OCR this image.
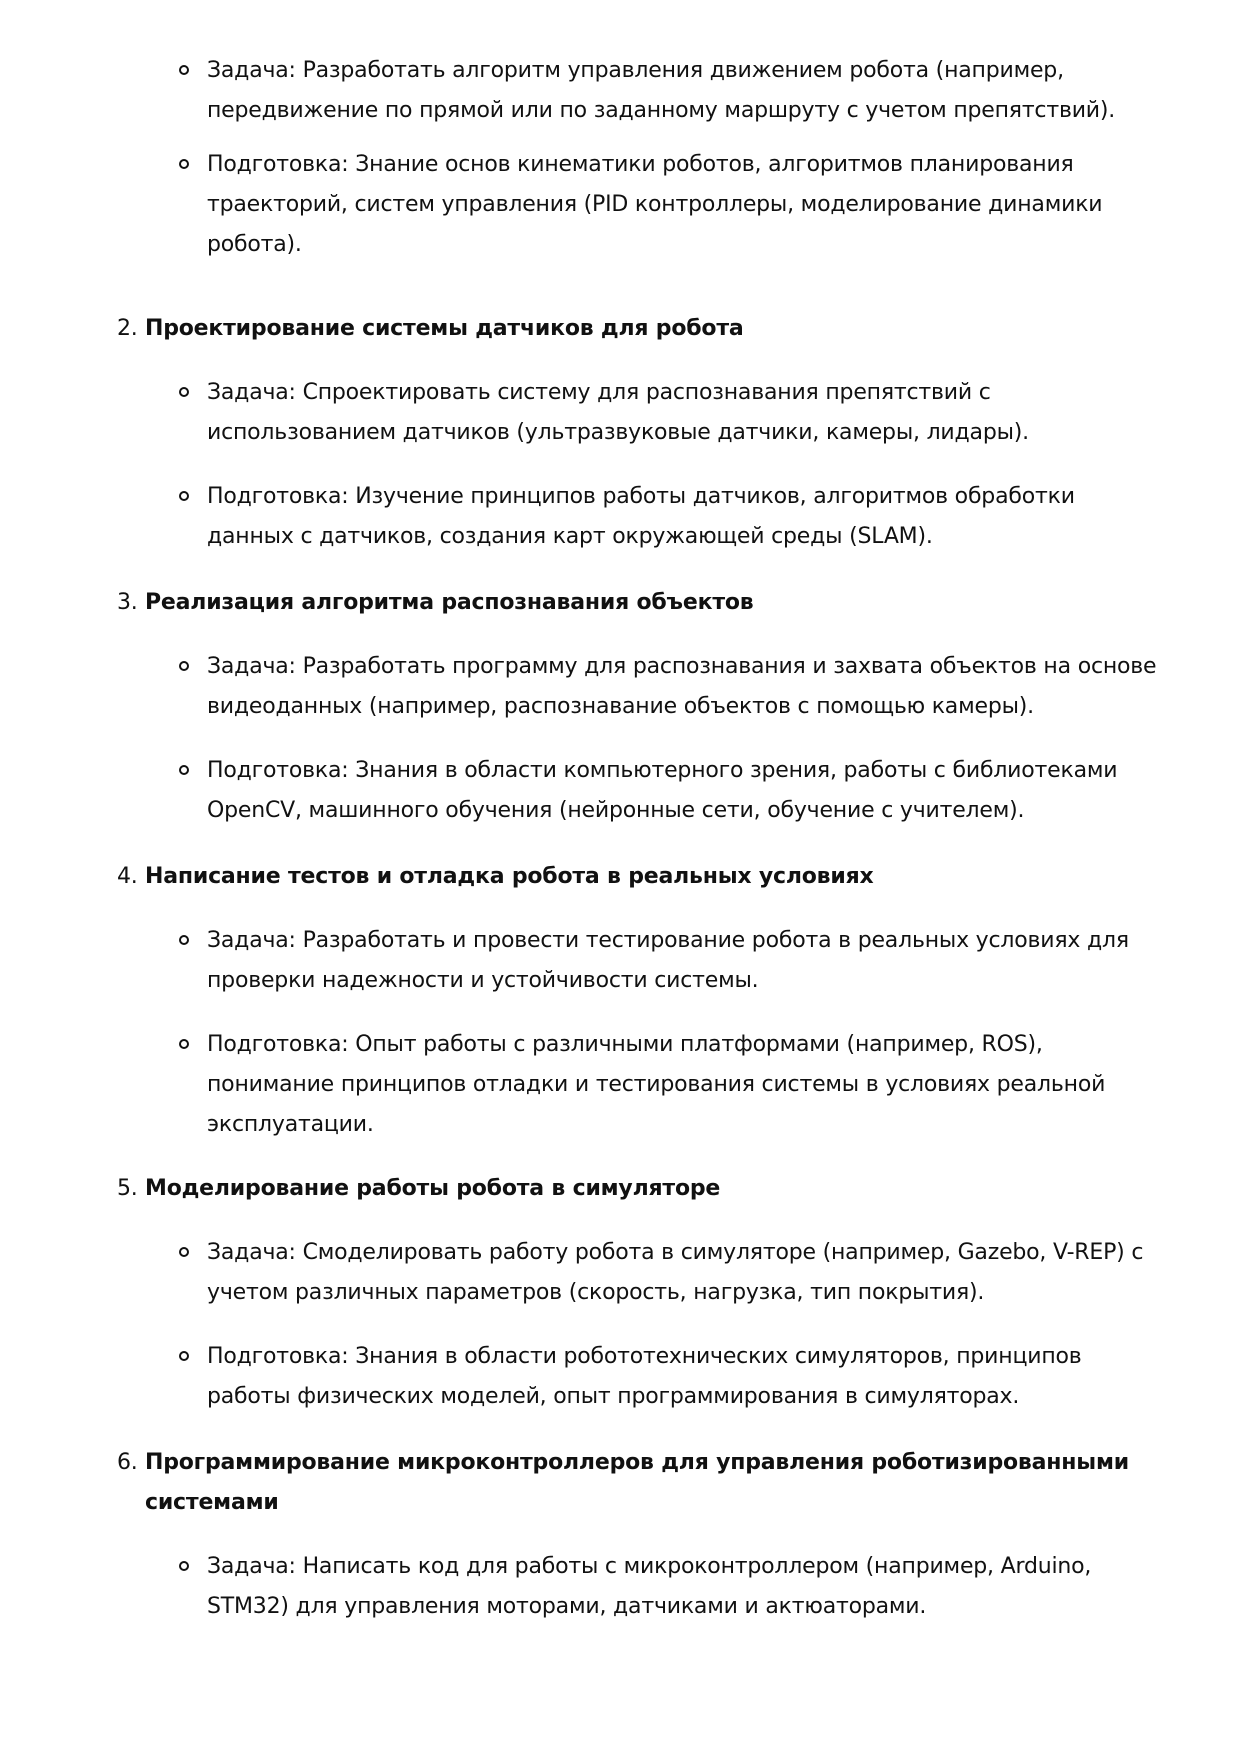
Задача: Разработать алгоритм управления движением робота (например,
передвижение по прямой или по заданному маршруту с учетом препятствий).
Подготовка: Знание основ кинематики роботов, алгоритмов планирования
траекторий, систем управления (PID контроллеры, моделирование динамики
робота).
2. Проектирование системы датчиков для робота
Задача: Спроектировать систему для распознавания препятствий с
использованием датчиков (ультразвуковые датчики, камеры, лидары).
Подготовка: Изучение принципов работы датчиков, алгоритмов обработки
данных с датчиков, создания карт окружающей среды (SLAM).
3. Реализация алгоритма распознавания объектов
Задача: Разработать программу для распознавания и захвата объектов на основе
видеоданных (например, распознавание объектов с помощью камеры).
Подготовка: Знания в области компьютерного зрения, работы с библиотеками
OpenCV, машинного обучения (нейронные сети, обучение с учителем).
4. Написание тестов и отладка робота в реальных условиях
Задача: Разработать и провести тестирование робота в реальных условиях для
проверки надежности и устойчивости системы.
Подготовка: Опыт работы с различными платформами (например, ROS),
понимание принципов отладки и тестирования системы в условиях реальной
эксплуатации.
5. Моделирование работы робота в симуляторе
Задача: Смоделировать работу робота в симуляторе (например, Gazebo, V-REP) с
учетом различных параметров (скорость, нагрузка, тип покрытия).
Подготовка: Знания в области робототехнических симуляторов, принципов
работы физических моделей, опыт программирования в симуляторах.
6. Программирование микроконтроллеров для управления роботизированными
системами
Задача: Написать код для работы с микроконтроллером (например, Arduino,
STM32) для управления моторами, датчиками и актюаторами.
